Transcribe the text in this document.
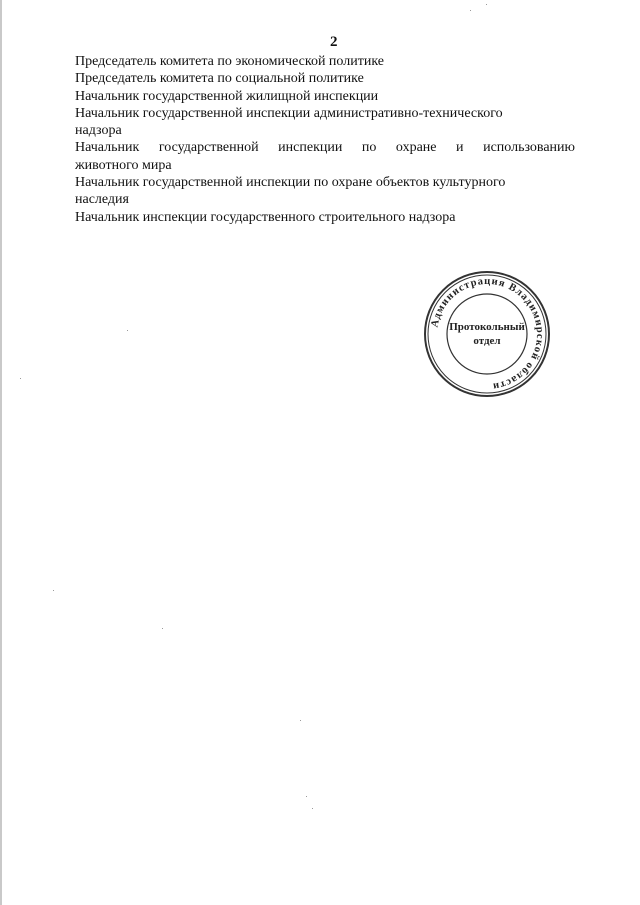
2
Председатель комитета по экономической политике
Председатель комитета по социальной политике
Начальник государственной жилищной инспекции
Начальник государственной инспекции административно-технического
надзора
Начальник государственной инспекции по охране и использованию
животного мира
Начальник государственной инспекции по охране объектов культурного
наследия
Начальник инспекции государственного строительного надзора
Администрация Владимирской области
Протокольный
отдел
